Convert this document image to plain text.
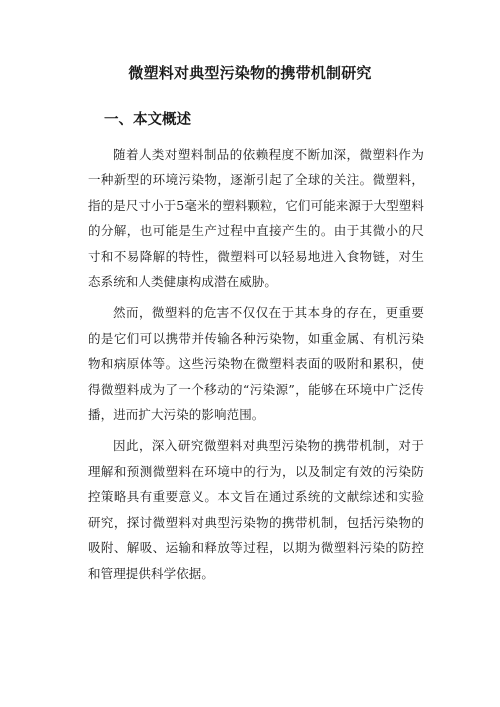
微塑料对典型污染物的携带机制研究
一、本文概述

随着人类对塑料制品的依赖程度不断加深，微塑料作为一种新型的环境污染物，逐渐引起了全球的关注。微塑料，指的是尺寸小于5毫米的塑料颗粒，它们可能来源于大型塑料的分解，也可能是生产过程中直接产生的。由于其微小的尺寸和不易降解的特性，微塑料可以轻易地进入食物链，对生态系统和人类健康构成潜在威胁。

然而，微塑料的危害不仅仅在于其本身的存在，更重要的是它们可以携带并传输各种污染物，如重金属、有机污染物和病原体等。这些污染物在微塑料表面的吸附和累积，使得微塑料成为了一个移动的“污染源”，能够在环境中广泛传播，进而扩大污染的影响范围。

因此，深入研究微塑料对典型污染物的携带机制，对于理解和预测微塑料在环境中的行为，以及制定有效的污染防控策略具有重要意义。本文旨在通过系统的文献综述和实验研究，探讨微塑料对典型污染物的携带机制，包括污染物的吸附、解吸、运输和释放等过程，以期为微塑料污染的防控和管理提供科学依据。
